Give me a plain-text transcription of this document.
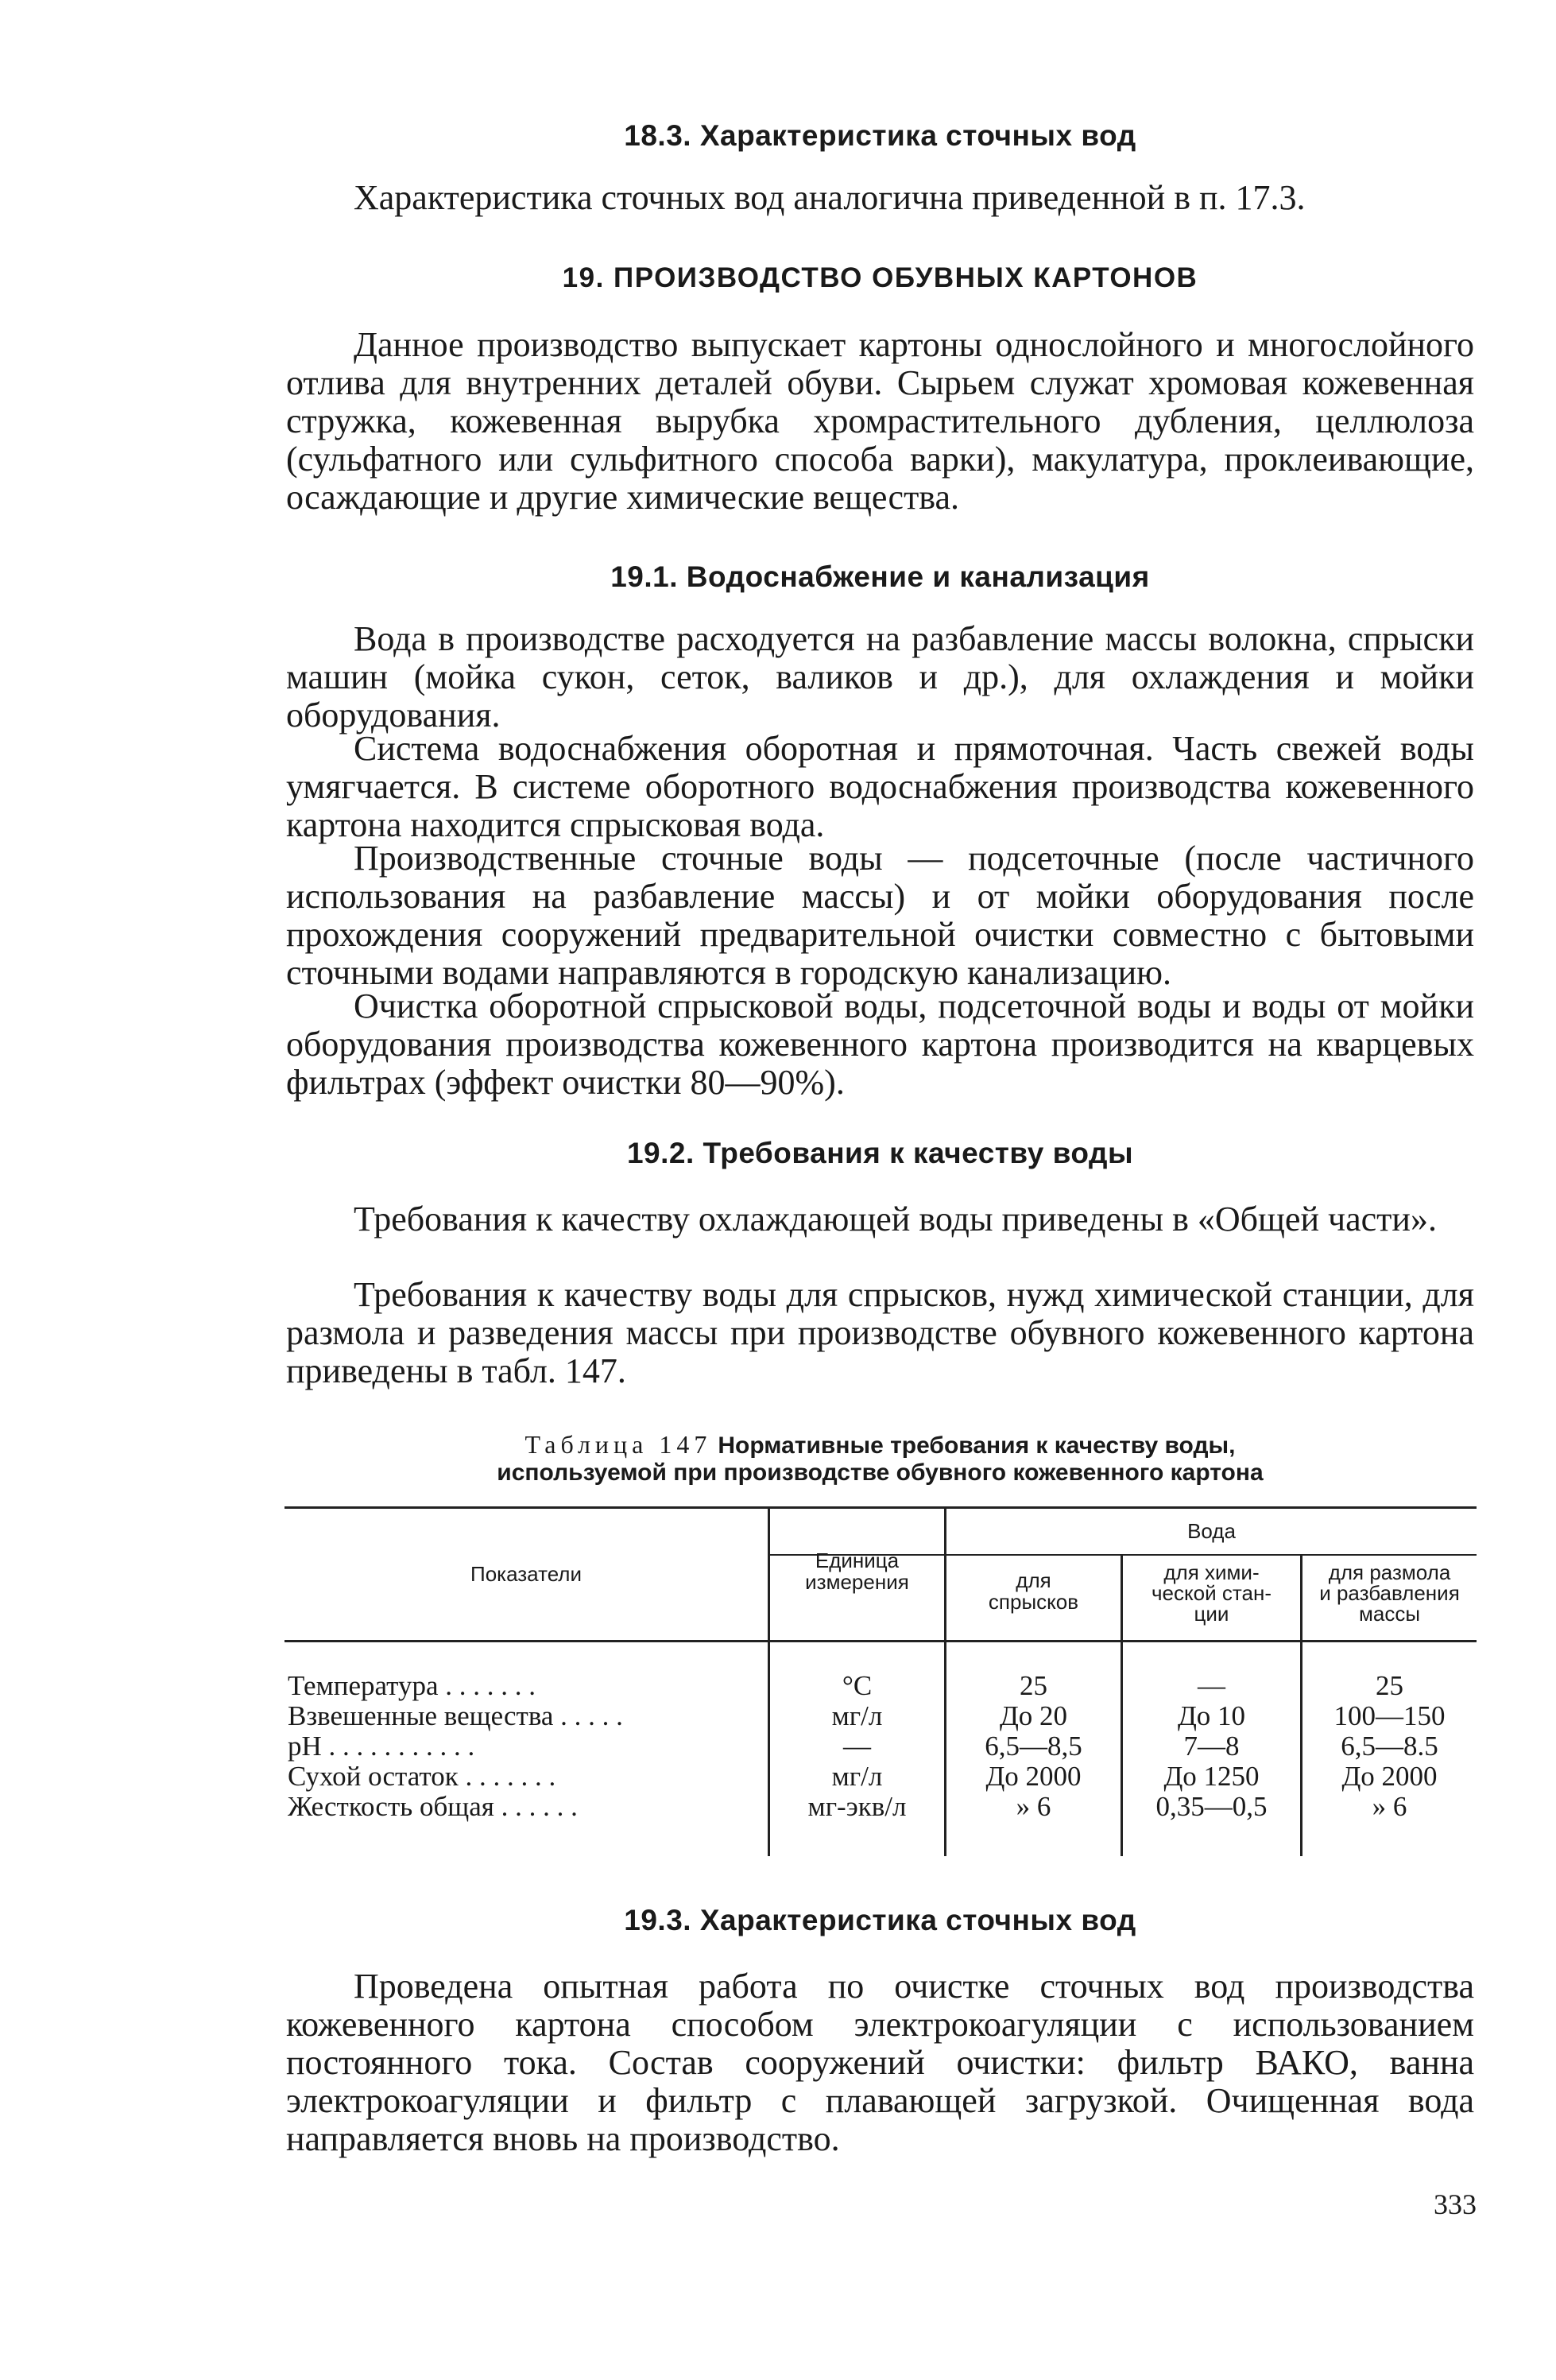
18.3. Характеристика сточных вод

Характеристика сточных вод аналогична приведенной в п. 17.3.

19. ПРОИЗВОДСТВО ОБУВНЫХ КАРТОНОВ

Данное производство выпускает картоны однослойного и многослойного отлива для внутренних деталей обуви. Сырьем служат хромовая кожевенная стружка, кожевенная вырубка хромрастительного дубления, целлюлоза (сульфатного или сульфитного способа варки), макулатура, проклеивающие, осаждающие и другие химические вещества.

19.1. Водоснабжение и канализация

Вода в производстве расходуется на разбавление массы волокна, спрыски машин (мойка сукон, сеток, валиков и др.), для охлаждения и мойки оборудования.

Система водоснабжения оборотная и прямоточная. Часть свежей воды умягчается. В системе оборотного водоснабжения производства кожевенного картона находится спрысковая вода.

Производственные сточные воды — подсеточные (после частичного использования на разбавление массы) и от мойки оборудования после прохождения сооружений предварительной очистки совместно с бытовыми сточными водами направляются в городскую канализацию.

Очистка оборотной спрысковой воды, подсеточной воды и воды от мойки оборудования производства кожевенного картона производится на кварцевых фильтрах (эффект очистки 80—90%).

19.2. Требования к качеству воды

Требования к качеству охлаждающей воды приведены в «Общей части».

Требования к качеству воды для спрысков, нужд химической станции, для размола и разведения массы при производстве обувного кожевенного картона приведены в табл. 147.

Таблица 147 Нормативные требования к качеству воды,
используемой при производстве обувного кожевенного картона
Показатели
Единица
измерения
Вода
для
спрысков
для хими-
ческой стан-
ции
для размола
и разбавления
массы
Температура . . . . . . .	°С	25	—	25
Взвешенные вещества . . . . .	мг/л	До 20	До 10	100—150
pH . . . . . . . . . . .	—	6,5—8,5	7—8	6,5—8.5
Сухой остаток . . . . . . .	мг/л	До 2000	До 1250	До 2000
Жесткость общая . . . . . .	мг-экв/л	» 6	0,35—0,5	» 6
19.3. Характеристика сточных вод

Проведена опытная работа по очистке сточных вод производства кожевенного картона способом электрокоагуляции с использованием постоянного тока. Состав сооружений очистки: фильтр ВАКО, ванна электрокоагуляции и фильтр с плавающей загрузкой. Очищенная вода направляется вновь на производство.

333
